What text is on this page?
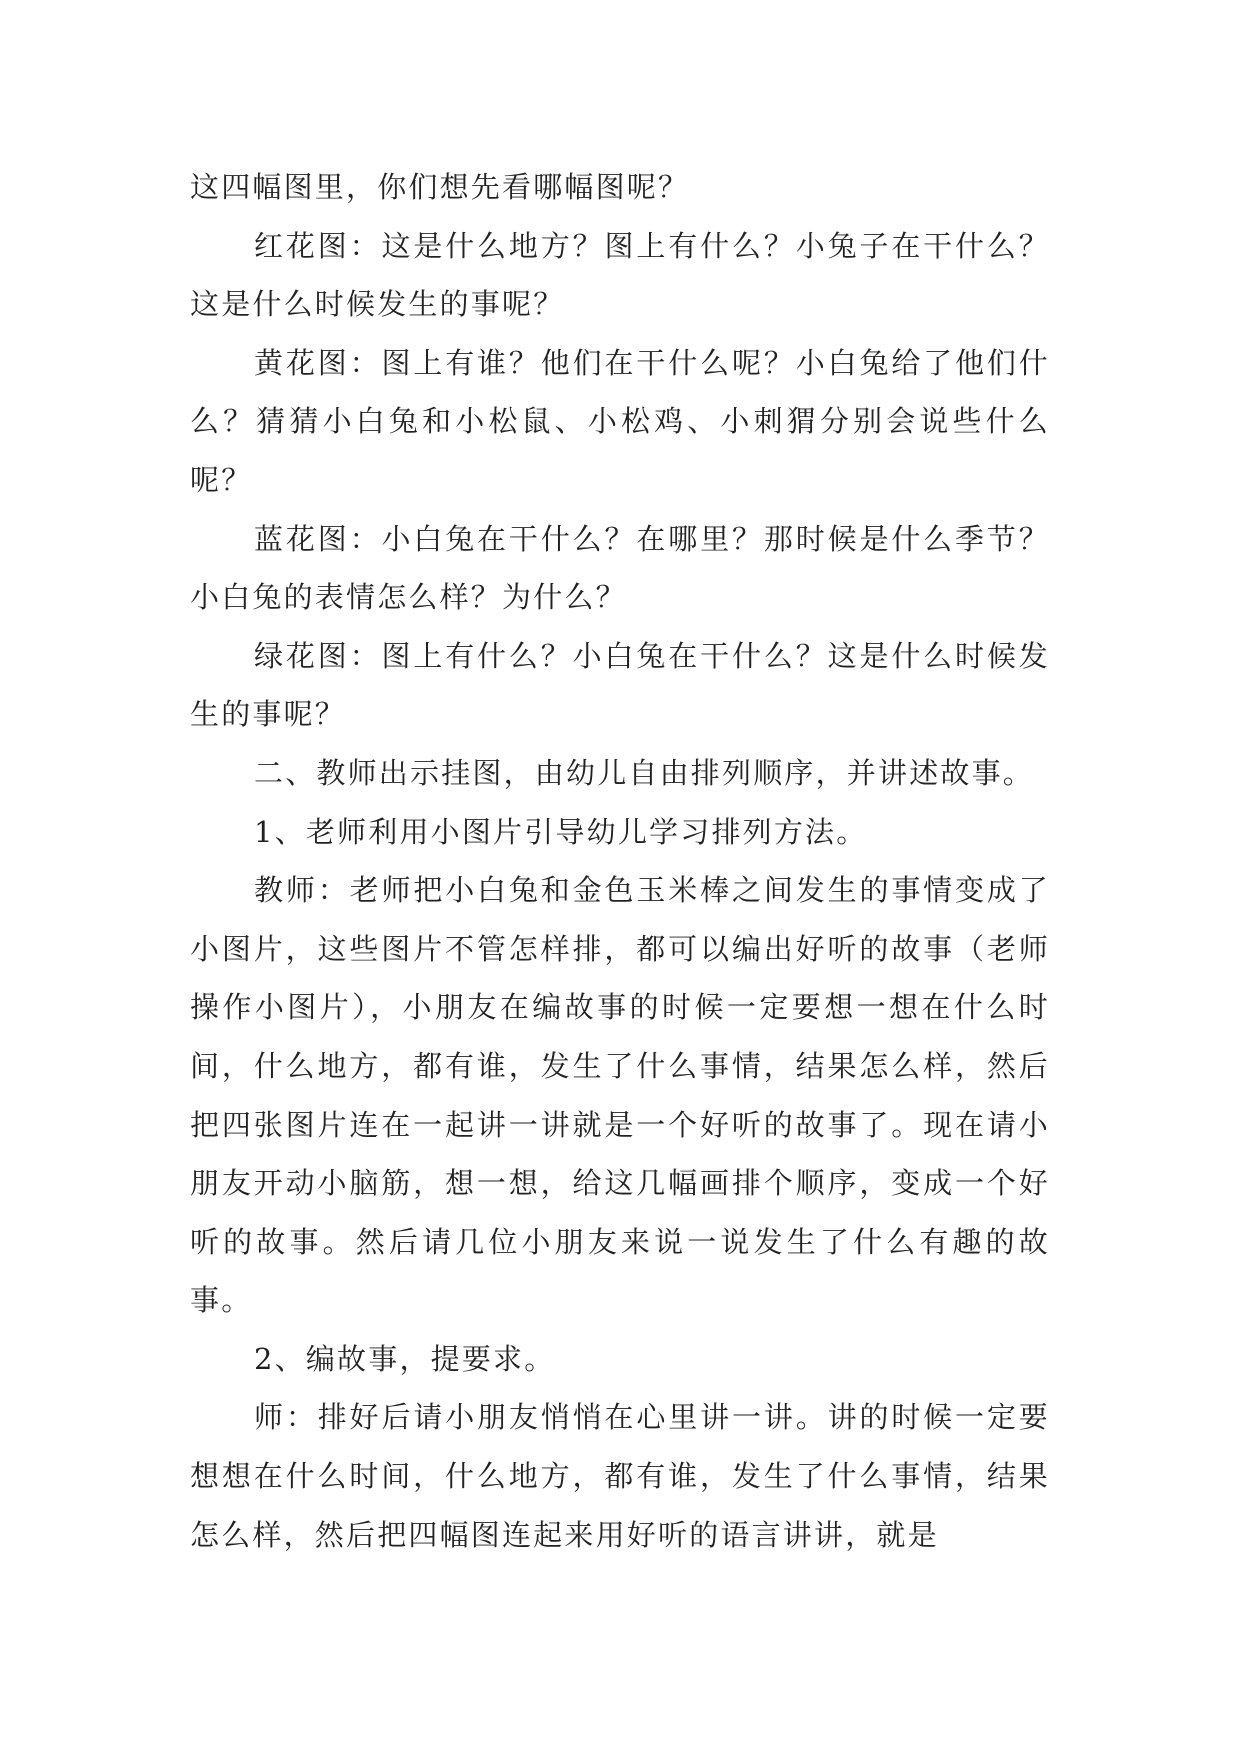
这四幅图里，你们想先看哪幅图呢？

红花图：这是什么地方？图上有什么？小兔子在干什么？这是什么时候发生的事呢？

黄花图：图上有谁？他们在干什么呢？小白兔给了他们什么？猜猜小白兔和小松鼠、小松鸡、小刺猬分别会说些什么呢？

蓝花图：小白兔在干什么？在哪里？那时候是什么季节？小白兔的表情怎么样？为什么？

绿花图：图上有什么？小白兔在干什么？这是什么时候发生的事呢？

二、教师出示挂图，由幼儿自由排列顺序，并讲述故事。

1、老师利用小图片引导幼儿学习排列方法。

教师：老师把小白兔和金色玉米棒之间发生的事情变成了小图片，这些图片不管怎样排，都可以编出好听的故事（老师操作小图片），小朋友在编故事的时候一定要想一想在什么时间，什么地方，都有谁，发生了什么事情，结果怎么样，然后把四张图片连在一起讲一讲就是一个好听的故事了。现在请小朋友开动小脑筋，想一想，给这几幅画排个顺序，变成一个好听的故事。然后请几位小朋友来说一说发生了什么有趣的故事。

2、编故事，提要求。

师：排好后请小朋友悄悄在心里讲一讲。讲的时候一定要想想在什么时间，什么地方，都有谁，发生了什么事情，结果怎么样，然后把四幅图连起来用好听的语言讲讲，就是
